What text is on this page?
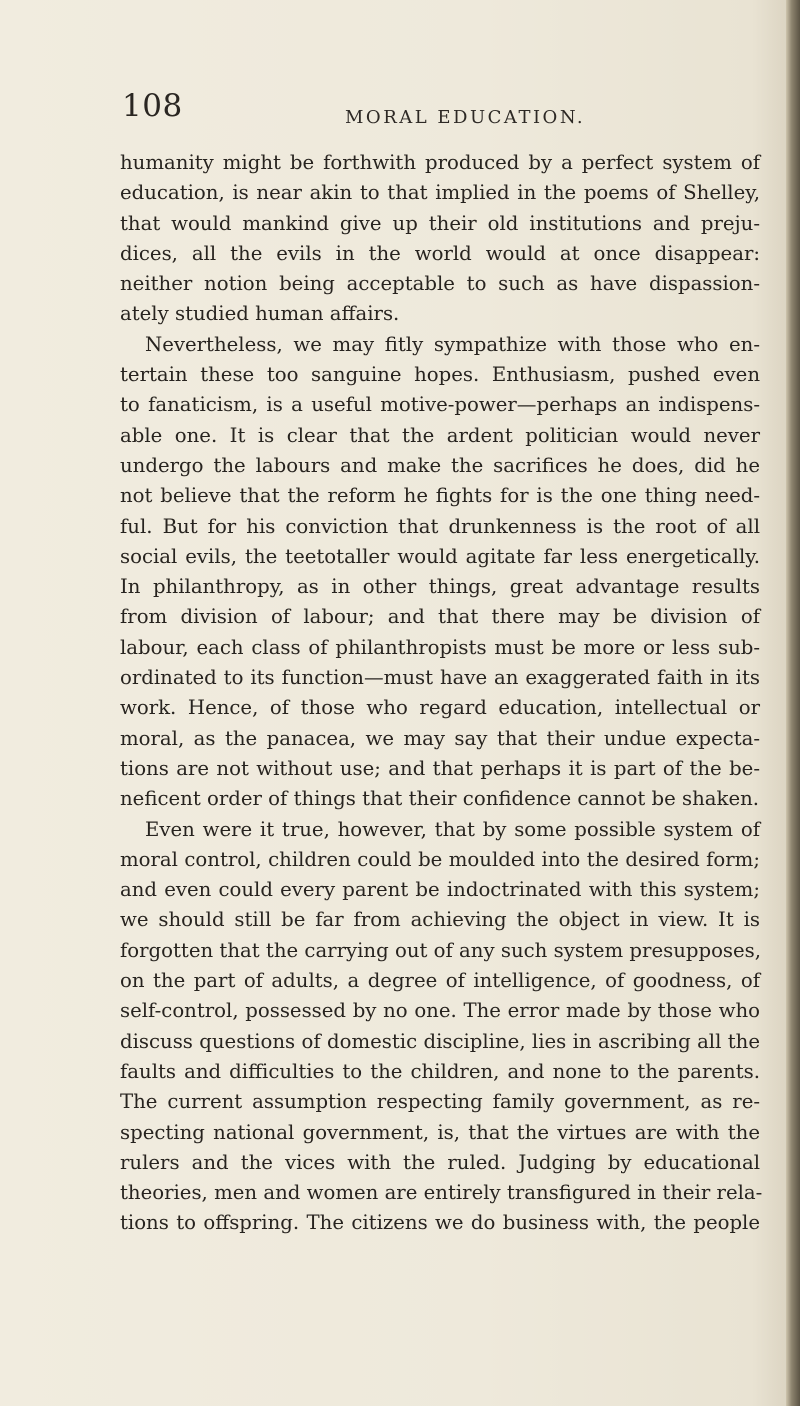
108	MORAL EDUCATION.
humanity might be forthwith produced by a perfect system of
education, is near akin to that implied in the poems of Shelley,
that would mankind give up their old institutions and preju-
dices, all the evils in the world would at once disappear:
neither notion being acceptable to such as have dispassion-
ately studied human affairs.
Nevertheless, we may fitly sympathize with those who en-
tertain these too sanguine hopes. Enthusiasm, pushed even
to fanaticism, is a useful motive-power—perhaps an indispens-
able one. It is clear that the ardent politician would never
undergo the labours and make the sacrifices he does, did he
not believe that the reform he fights for is the one thing need-
ful. But for his conviction that drunkenness is the root of all
social evils, the teetotaller would agitate far less energetically.
In philanthropy, as in other things, great advantage results
from division of labour; and that there may be division of
labour, each class of philanthropists must be more or less sub-
ordinated to its function—must have an exaggerated faith in its
work. Hence, of those who regard education, intellectual or
moral, as the panacea, we may say that their undue expecta-
tions are not without use; and that perhaps it is part of the be-
neficent order of things that their confidence cannot be shaken.
Even were it true, however, that by some possible system of
moral control, children could be moulded into the desired form;
and even could every parent be indoctrinated with this system;
we should still be far from achieving the object in view. It is
forgotten that the carrying out of any such system presupposes,
on the part of adults, a degree of intelligence, of goodness, of
self-control, possessed by no one. The error made by those who
discuss questions of domestic discipline, lies in ascribing all the
faults and difficulties to the children, and none to the parents.
The current assumption respecting family government, as re-
specting national government, is, that the virtues are with the
rulers and the vices with the ruled. Judging by educational
theories, men and women are entirely transfigured in their rela-
tions to offspring. The citizens we do business with, the people
